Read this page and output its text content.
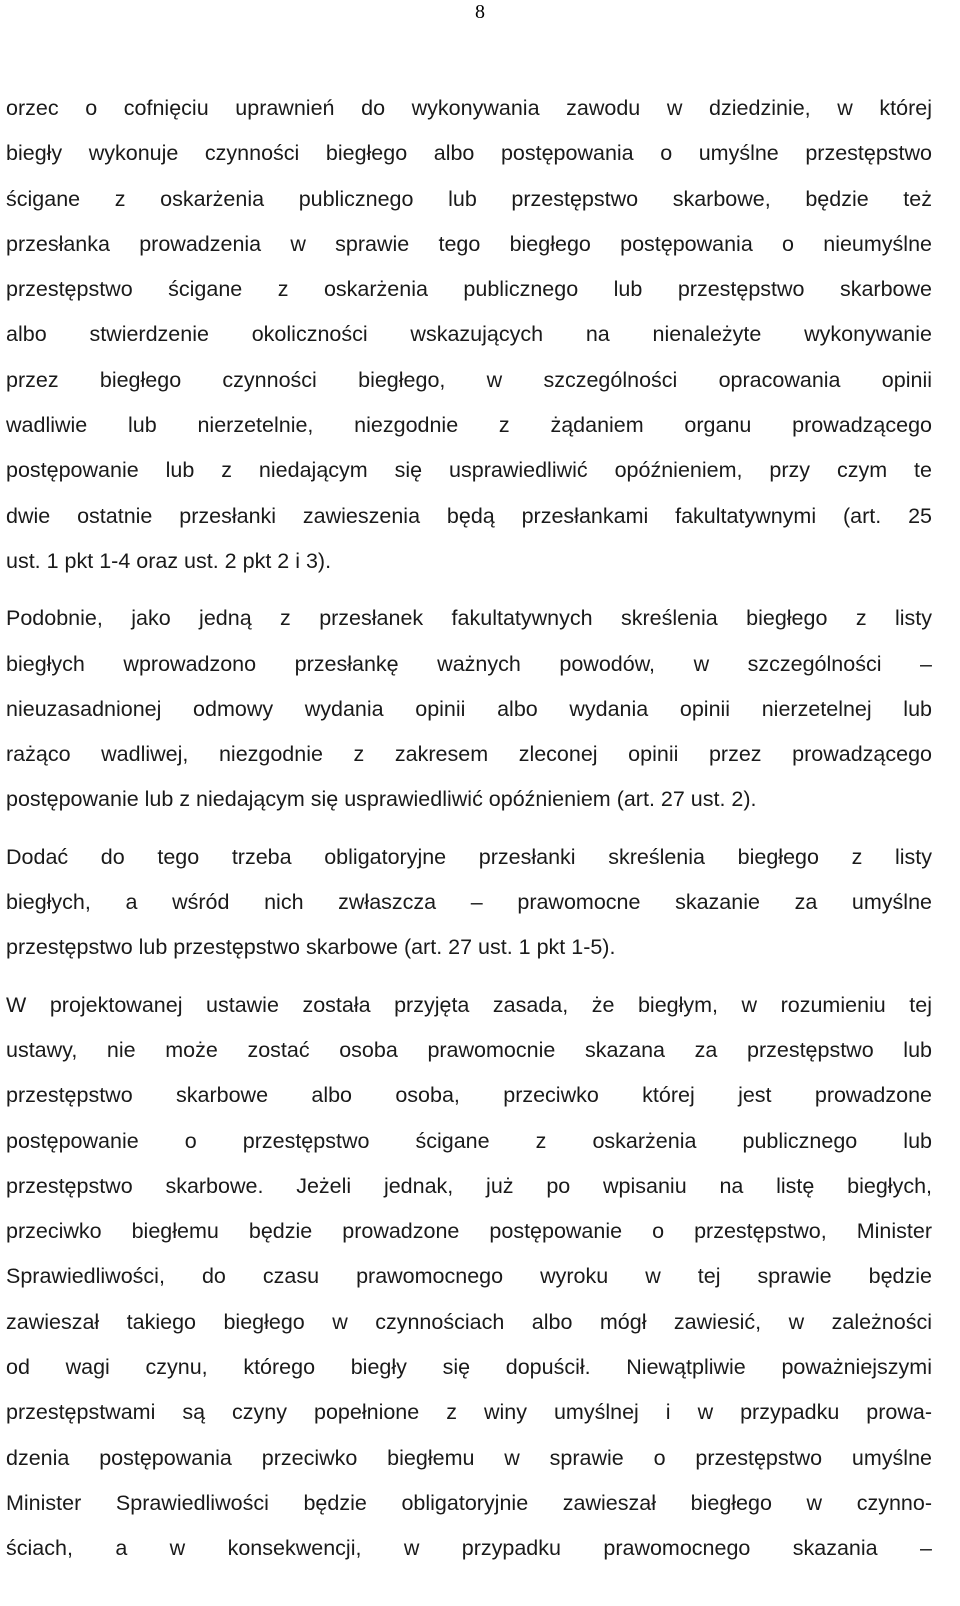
8

orzec o cofnięciu uprawnień do wykonywania zawodu w dziedzinie, w której
biegły wykonuje czynności biegłego albo postępowania o umyślne przestępstwo
ścigane z oskarżenia publicznego lub przestępstwo skarbowe, będzie też
przesłanka prowadzenia w sprawie tego biegłego postępowania o nieumyślne
przestępstwo ścigane z oskarżenia publicznego lub przestępstwo skarbowe
albo stwierdzenie okoliczności wskazujących na nienależyte wykonywanie
przez biegłego czynności biegłego, w szczególności opracowania opinii
wadliwie lub nierzetelnie, niezgodnie z żądaniem organu prowadzącego
postępowanie lub z niedającym się usprawiedliwić opóźnieniem, przy czym te
dwie ostatnie przesłanki zawieszenia będą przesłankami fakultatywnymi (art. 25
ust. 1 pkt 1-4 oraz ust. 2 pkt 2 i 3).

Podobnie, jako jedną z przesłanek fakultatywnych skreślenia biegłego z listy
biegłych wprowadzono przesłankę ważnych powodów, w szczególności –
nieuzasadnionej odmowy wydania opinii albo wydania opinii nierzetelnej lub
rażąco wadliwej, niezgodnie z zakresem zleconej opinii przez prowadzącego
postępowanie lub z niedającym się usprawiedliwić opóźnieniem (art. 27 ust. 2).

Dodać do tego trzeba obligatoryjne przesłanki skreślenia biegłego z listy
biegłych, a wśród nich zwłaszcza – prawomocne skazanie za umyślne
przestępstwo lub przestępstwo skarbowe (art. 27 ust. 1 pkt 1-5).

W projektowanej ustawie została przyjęta zasada, że biegłym, w rozumieniu tej
ustawy, nie może zostać osoba prawomocnie skazana za przestępstwo lub
przestępstwo skarbowe albo osoba, przeciwko której jest prowadzone
postępowanie o przestępstwo ścigane z oskarżenia publicznego lub
przestępstwo skarbowe. Jeżeli jednak, już po wpisaniu na listę biegłych,
przeciwko biegłemu będzie prowadzone postępowanie o przestępstwo, Minister
Sprawiedliwości, do czasu prawomocnego wyroku w tej sprawie będzie
zawieszał takiego biegłego w czynnościach albo mógł zawiesić, w zależności
od wagi czynu, którego biegły się dopuścił. Niewątpliwie poważniejszymi
przestępstwami są czyny popełnione z winy umyślnej i w przypadku prowa-
dzenia postępowania przeciwko biegłemu w sprawie o przestępstwo umyślne
Minister Sprawiedliwości będzie obligatoryjnie zawieszał biegłego w czynno-
ściach, a w konsekwencji, w przypadku prawomocnego skazania –
